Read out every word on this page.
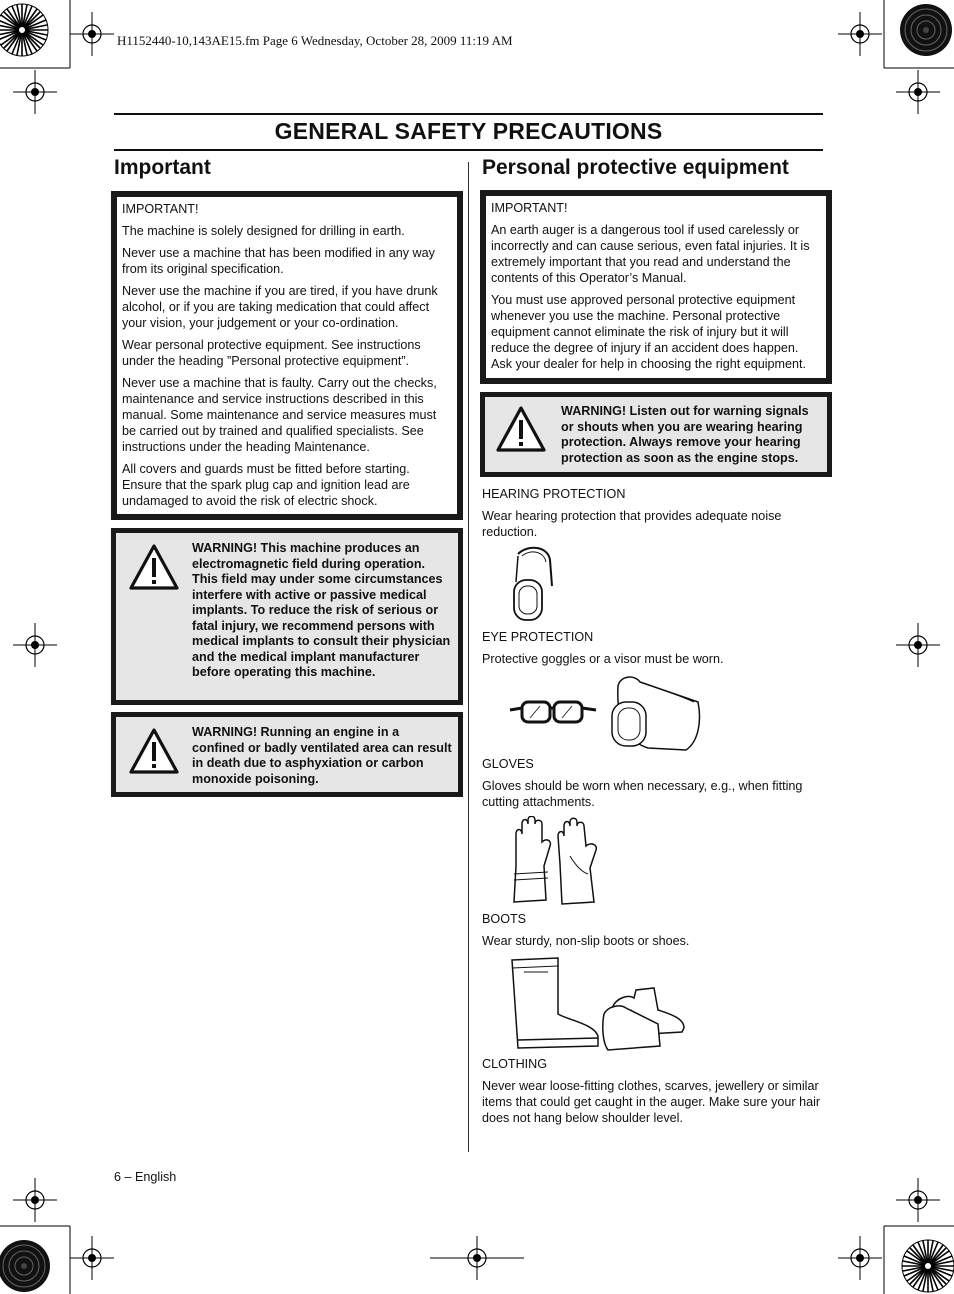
H1152440-10,143AE15.fm Page 6 Wednesday, October 28, 2009 11:19 AM
GENERAL SAFETY PRECAUTIONS
Important

IMPORTANT!

The machine is solely designed for drilling in earth.

Never use a machine that has been modified in any way from its original specification.

Never use the machine if you are tired, if you have drunk alcohol, or if you are taking medication that could affect your vision, your judgement or your co-ordination.

Wear personal protective equipment. See instructions under the heading ”Personal protective equipment”.

Never use a machine that is faulty. Carry out the checks, maintenance and service instructions described in this manual. Some maintenance and service measures must be carried out by trained and qualified specialists. See instructions under the heading Maintenance.

All covers and guards must be fitted before starting. Ensure that the spark plug cap and ignition lead are undamaged to avoid the risk of electric shock.

WARNING! This machine produces an electromagnetic field during operation. This field may under some circumstances interfere with active or passive medical implants. To reduce the risk of serious or fatal injury, we recommend persons with medical implants to consult their physician and the medical implant manufacturer before operating this machine.
WARNING! Running an engine in a confined or badly ventilated area can result in death due to asphyxiation or carbon monoxide poisoning.
Personal protective equipment

IMPORTANT!

An earth auger is a dangerous tool if used carelessly or incorrectly and can cause serious, even fatal injuries. It is extremely important that you read and understand the contents of this Operator’s Manual.

You must use approved personal protective equipment whenever you use the machine. Personal protective equipment cannot eliminate the risk of injury but it will reduce the degree of injury if an accident does happen. Ask your dealer for help in choosing the right equipment.

WARNING! Listen out for warning signals or shouts when you are wearing hearing protection. Always remove your hearing protection as soon as the engine stops.
HEARING PROTECTION

Wear hearing protection that provides adequate noise reduction.

EYE PROTECTION

Protective goggles or a visor must be worn.

GLOVES

Gloves should be worn when necessary, e.g., when fitting cutting attachments.

BOOTS

Wear sturdy, non-slip boots or shoes.

CLOTHING

Never wear loose-fitting clothes, scarves, jewellery or similar items that could get caught in the auger. Make sure your hair does not hang below shoulder level.

6 – English
